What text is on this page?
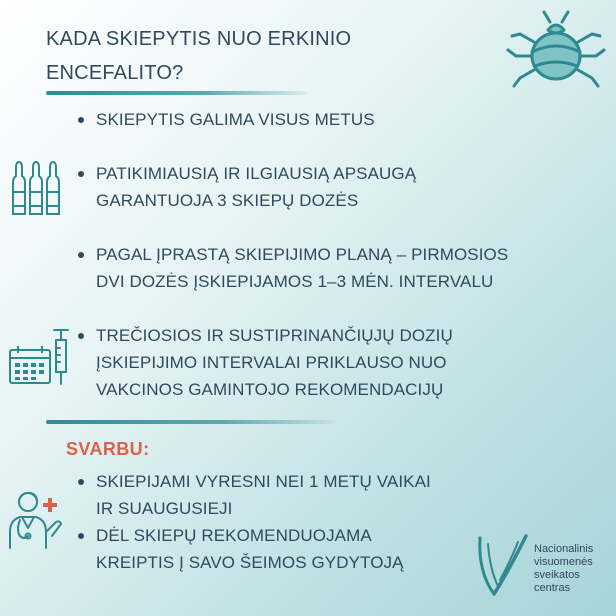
KADA SKIEPYTIS NUO ERKINIO
ENCEFALITO?
SKIEPYTIS GALIMA VISUS METUS
PATIKIMIAUSIĄ IR ILGIAUSIĄ APSAUGĄ
GARANTUOJA 3 SKIEPŲ DOZĖS
PAGAL ĮPRASTĄ SKIEPIJIMO PLANĄ – PIRMOSIOS
DVI DOZĖS ĮSKIEPIJAMOS 1–3 MĖN. INTERVALU
TREČIOSIOS IR SUSTIPRINANČIŲJŲ DOZIŲ
ĮSKIEPIJIMO INTERVALAI PRIKLAUSO NUO
VAKCINOS GAMINTOJO REKOMENDACIJŲ
SVARBU:
SKIEPIJAMI VYRESNI NEI 1 METŲ VAIKAI
IR SUAUGUSIEJI
DĖL SKIEPŲ REKOMENDUOJAMA
KREIPTIS Į SAVO ŠEIMOS GYDYTOJĄ
Nacionalinis
visuomenės
sveikatos
centras
